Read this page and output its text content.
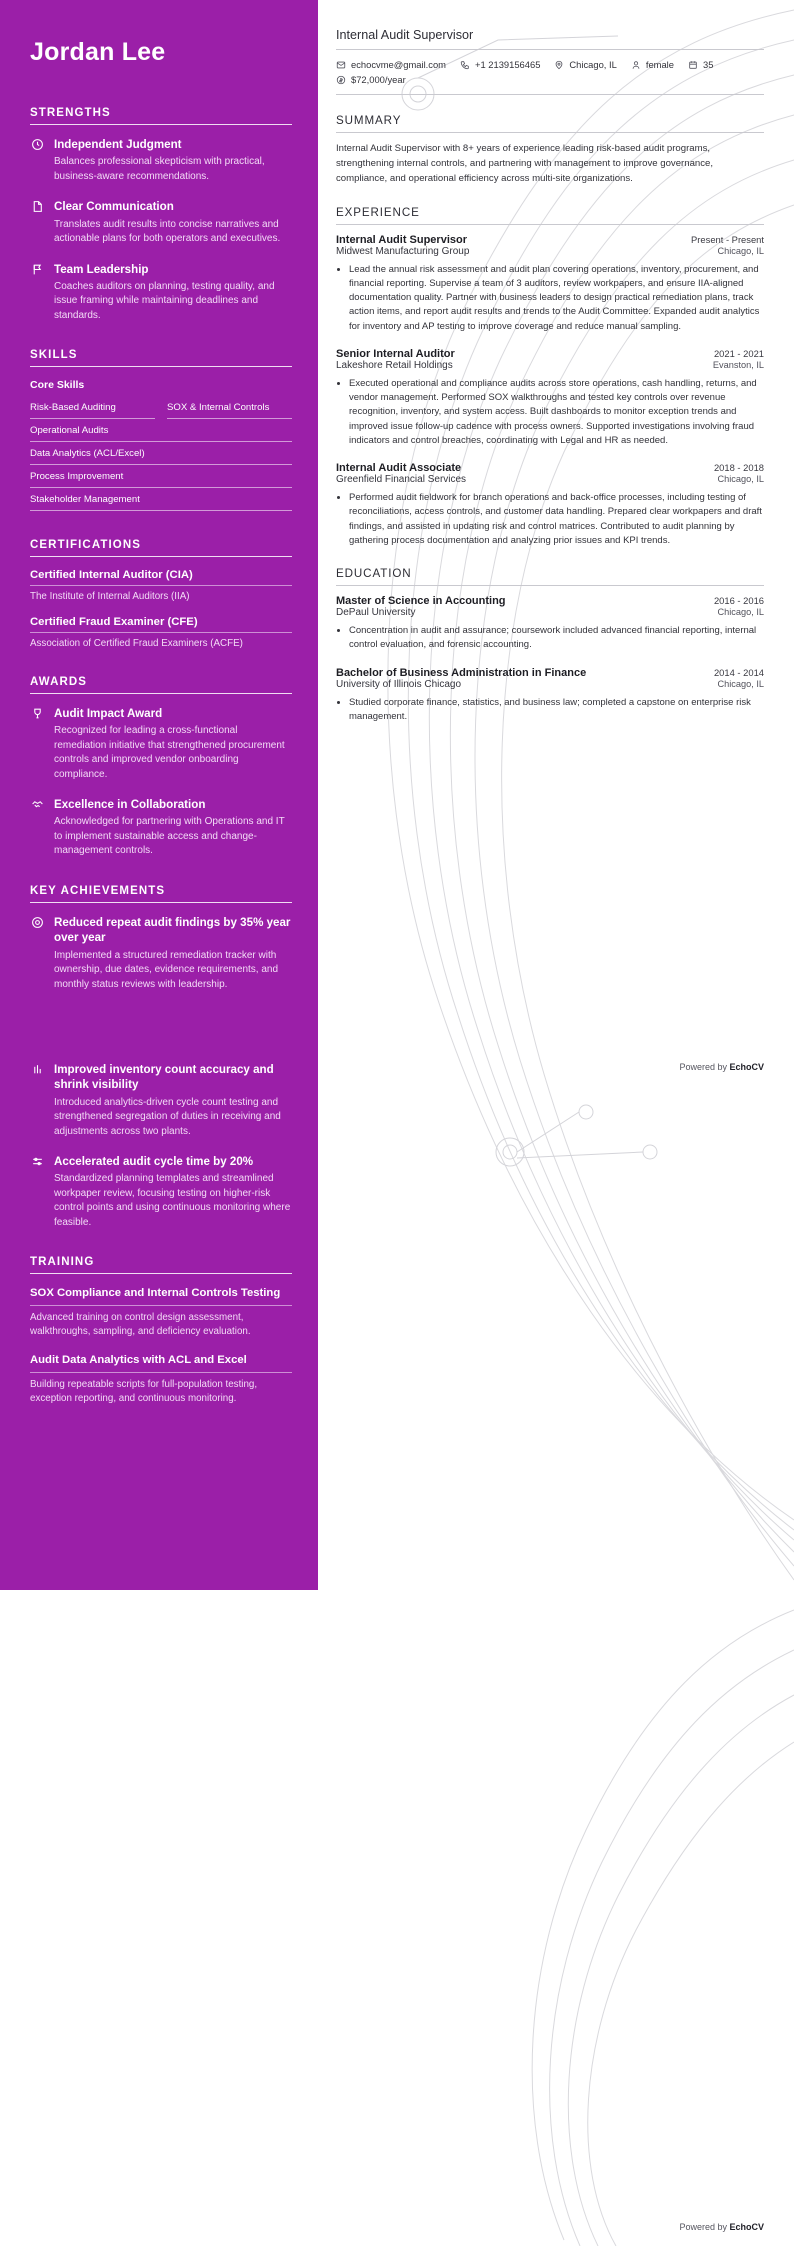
Jordan Lee
STRENGTHS
Independent Judgment
Balances professional skepticism with practical, business-aware recommendations.
Clear Communication
Translates audit results into concise narratives and actionable plans for both operators and executives.
Team Leadership
Coaches auditors on planning, testing quality, and issue framing while maintaining deadlines and standards.
SKILLS
Core Skills
Risk-Based Auditing	SOX & Internal Controls
Operational Audits
Data Analytics (ACL/Excel)
Process Improvement
Stakeholder Management
CERTIFICATIONS
Certified Internal Auditor (CIA)
The Institute of Internal Auditors (IIA)
Certified Fraud Examiner (CFE)
Association of Certified Fraud Examiners (ACFE)
AWARDS
Audit Impact Award
Recognized for leading a cross-functional remediation initiative that strengthened procurement controls and improved vendor onboarding compliance.
Excellence in Collaboration
Acknowledged for partnering with Operations and IT to implement sustainable access and change-management controls.
KEY ACHIEVEMENTS
Reduced repeat audit findings by 35% year over year
Implemented a structured remediation tracker with ownership, due dates, evidence requirements, and monthly status reviews with leadership.
Improved inventory count accuracy and shrink visibility
Introduced analytics-driven cycle count testing and strengthened segregation of duties in receiving and adjustments across two plants.
Accelerated audit cycle time by 20%
Standardized planning templates and streamlined workpaper review, focusing testing on higher-risk control points and using continuous monitoring where feasible.
TRAINING
SOX Compliance and Internal Controls Testing
Advanced training on control design assessment, walkthroughs, sampling, and deficiency evaluation.
Audit Data Analytics with ACL and Excel
Building repeatable scripts for full-population testing, exception reporting, and continuous monitoring.
Internal Audit Supervisor
echocvme@gmail.com	+1 2139156465	Chicago, IL	female	35
$72,000/year
SUMMARY

Internal Audit Supervisor with 8+ years of experience leading risk-based audit programs, strengthening internal controls, and partnering with management to improve governance, compliance, and operational efficiency across multi-site organizations.

EXPERIENCE
Internal Audit Supervisor	Present - Present
Midwest Manufacturing Group	Chicago, IL
• Lead the annual risk assessment and audit plan covering operations, inventory, procurement, and financial reporting. Supervise a team of 3 auditors, review workpapers, and ensure IIA-aligned documentation quality. Partner with business leaders to design practical remediation plans, track action items, and report audit results and trends to the Audit Committee. Expanded audit analytics for inventory and AP testing to improve coverage and reduce manual sampling.
Senior Internal Auditor	2021 - 2021
Lakeshore Retail Holdings	Evanston, IL
• Executed operational and compliance audits across store operations, cash handling, returns, and vendor management. Performed SOX walkthroughs and tested key controls over revenue recognition, inventory, and system access. Built dashboards to monitor exception trends and improved issue follow-up cadence with process owners. Supported investigations involving fraud indicators and control breaches, coordinating with Legal and HR as needed.
Internal Audit Associate	2018 - 2018
Greenfield Financial Services	Chicago, IL
• Performed audit fieldwork for branch operations and back-office processes, including testing of reconciliations, access controls, and customer data handling. Prepared clear workpapers and draft findings, and assisted in updating risk and control matrices. Contributed to audit planning by gathering process documentation and analyzing prior issues and KPI trends.
EDUCATION
Master of Science in Accounting	2016 - 2016
DePaul University	Chicago, IL
• Concentration in audit and assurance; coursework included advanced financial reporting, internal control evaluation, and forensic accounting.
Bachelor of Business Administration in Finance	2014 - 2014
University of Illinois Chicago	Chicago, IL
• Studied corporate finance, statistics, and business law; completed a capstone on enterprise risk management.
Powered by EchoCV
Powered by EchoCV
